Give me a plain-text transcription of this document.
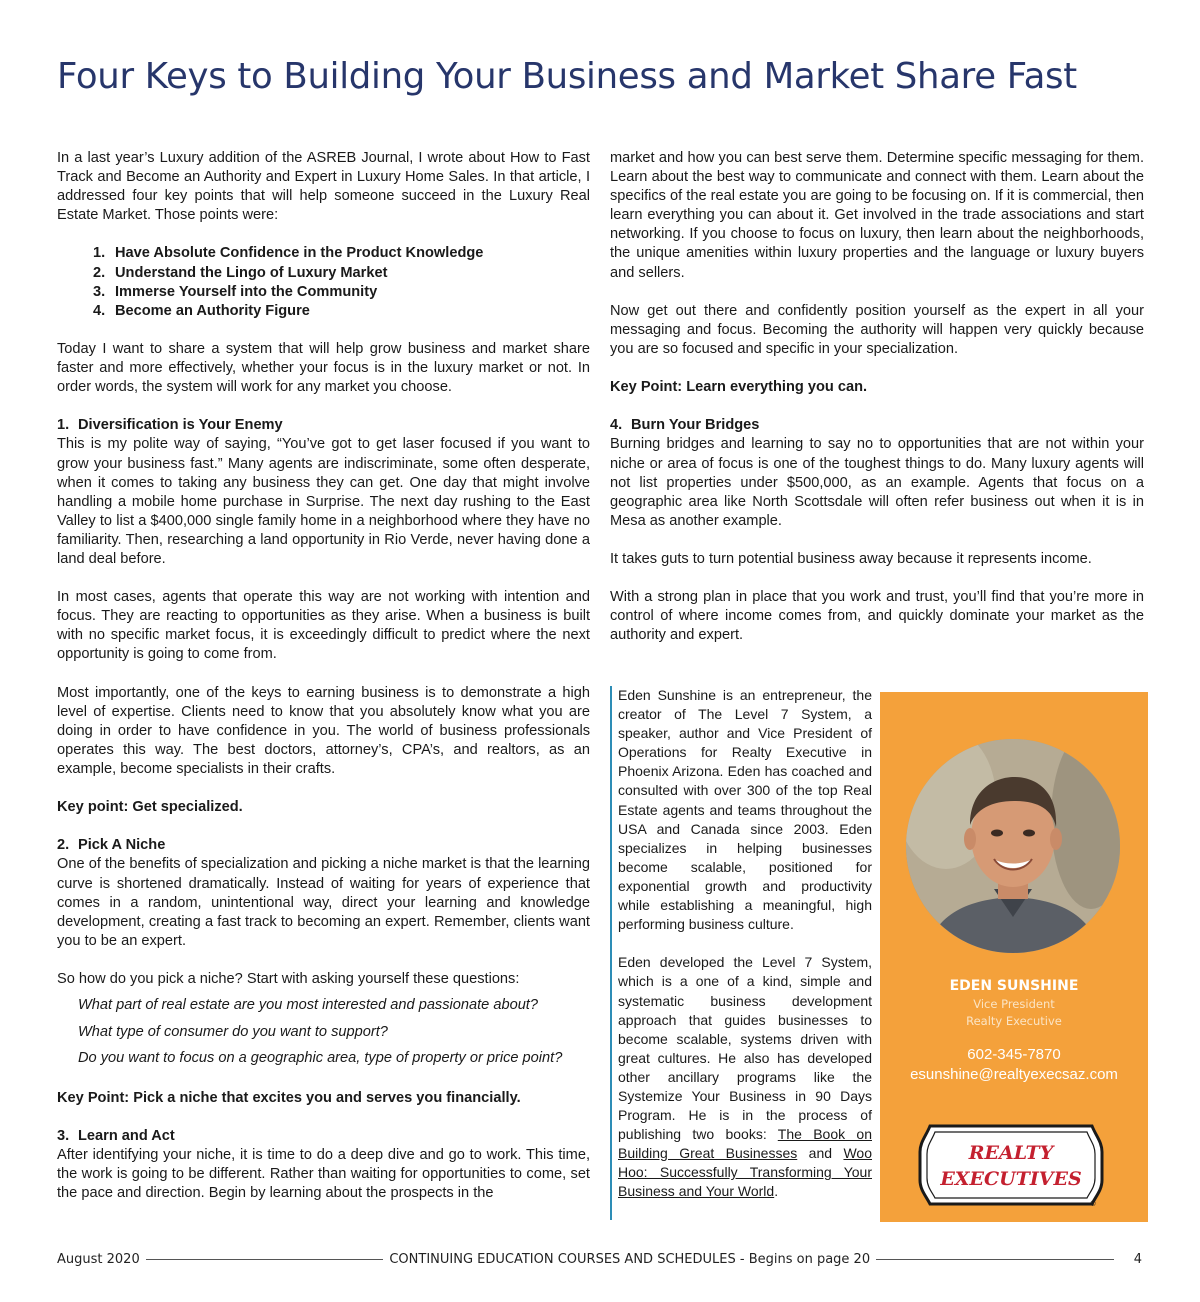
Four Keys to Building Your Business and Market Share Fast

In a last year’s Luxury addition of the ASREB Journal, I wrote about How to Fast Track and Become an Authority and Expert in Luxury Home Sales. In that article, I addressed four key points that will help someone succeed in the Luxury Real Estate Market. Those points were:

1. Have Absolute Confidence in the Product Knowledge
2. Understand the Lingo of Luxury Market
3. Immerse Yourself into the Community
4. Become an Authority Figure

Today I want to share a system that will help grow business and market share faster and more effectively, whether your focus is in the luxury market or not. In order words, the system will work for any market you choose.

1. Diversification is Your Enemy

This is my polite way of saying, “You’ve got to get laser focused if you want to grow your business fast.” Many agents are indiscriminate, some often desperate, when it comes to taking any business they can get. One day that might involve handling a mobile home purchase in Surprise. The next day rushing to the East Valley to list a $400,000 single family home in a neighborhood where they have no familiarity. Then, researching a land opportunity in Rio Verde, never having done a land deal before.

In most cases, agents that operate this way are not working with intention and focus. They are reacting to opportunities as they arise. When a business is built with no specific market focus, it is exceedingly difficult to predict where the next opportunity is going to come from.

Most importantly, one of the keys to earning business is to demonstrate a high level of expertise. Clients need to know that you absolutely know what you are doing in order to have confidence in you. The world of business professionals operates this way. The best doctors, attorney’s, CPA’s, and realtors, as an example, become specialists in their crafts.

Key point: Get specialized.
2. Pick A Niche

One of the benefits of specialization and picking a niche market is that the learning curve is shortened dramatically. Instead of waiting for years of experience that comes in a random, unintentional way, direct your learning and knowledge development, creating a fast track to becoming an expert. Remember, clients want you to be an expert.

So how do you pick a niche? Start with asking yourself these questions:

What part of real estate are you most interested and passionate about?

What type of consumer do you want to support?

Do you want to focus on a geographic area, type of property or price point?

Key Point: Pick a niche that excites you and serves you financially.
3. Learn and Act

After identifying your niche, it is time to do a deep dive and go to work. This time, the work is going to be different. Rather than waiting for opportunities to come, set the pace and direction. Begin by learning about the prospects in the

market and how you can best serve them. Determine specific messaging for them. Learn about the best way to communicate and connect with them. Learn about the specifics of the real estate you are going to be focusing on. If it is commercial, then learn everything you can about it. Get involved in the trade associations and start networking. If you choose to focus on luxury, then learn about the neighborhoods, the unique amenities within luxury properties and the language or luxury buyers and sellers.

Now get out there and confidently position yourself as the expert in all your messaging and focus. Becoming the authority will happen very quickly because you are so focused and specific in your specialization.

Key Point: Learn everything you can.
4. Burn Your Bridges

Burning bridges and learning to say no to opportunities that are not within your niche or area of focus is one of the toughest things to do. Many luxury agents will not list properties under $500,000, as an example. Agents that focus on a geographic area like North Scottsdale will often refer business out when it is in Mesa as another example.

It takes guts to turn potential business away because it represents income.

With a strong plan in place that you work and trust, you’ll find that you’re more in control of where income comes from, and quickly dominate your market as the authority and expert.

Eden Sunshine is an entrepreneur, the creator of The Level 7 System, a speaker, author and Vice President of Operations for Realty Executive in Phoenix Arizona. Eden has coached and consulted with over 300 of the top Real Estate agents and teams throughout the USA and Canada since 2003. Eden specializes in helping businesses become scalable, positioned for exponential growth and productivity while establishing a meaningful, high performing business culture.

Eden developed the Level 7 System, which is a one of a kind, simple and systematic business development approach that guides businesses to become scalable, systems driven with great cultures. He also has developed other ancillary programs like the Systemize Your Business in 90 Days Program. He is in the process of publishing two books: The Book on Building Great Businesses and Woo Hoo: Successfully Transforming Your Business and Your World.

EDEN SUNSHINE
Vice President
Realty Executive
602-345-7870
esunshine@realtyexecsaz.com
REALTY
EXECUTIVES
®
August 2020	CONTINUING EDUCATION COURSES AND SCHEDULES - Begins on page 20	4
